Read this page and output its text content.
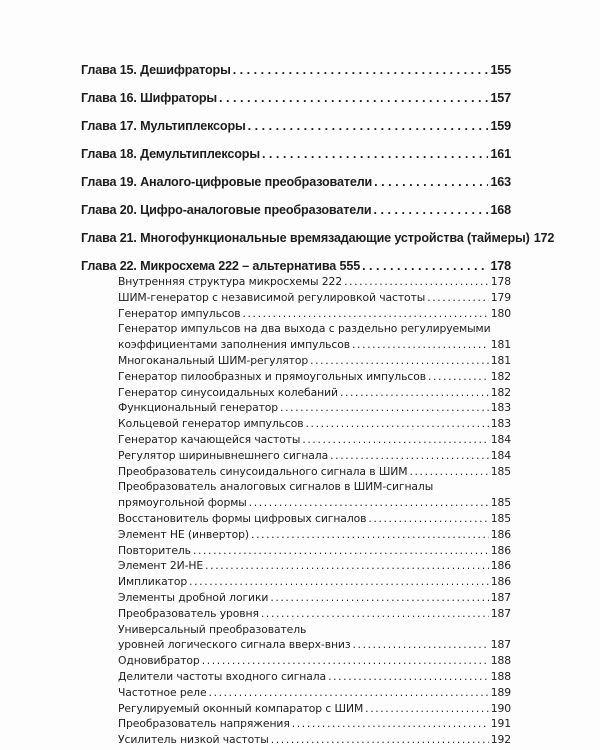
Глава 15. Дешифраторы . . .	155
Глава 16. Шифраторы . . .	157
Глава 17. Мультиплексоры . . .	159
Глава 18. Демультиплексоры . . .	161
Глава 19. Аналого-цифровые преобразователи . . .	163
Глава 20. Цифро-аналоговые преобразователи . . .	168
Глава 21. Многофункциональные времязадающие устройства (таймеры) 172
Глава 22. Микросхема 222 – альтернатива 555 . . .	178
Внутренняя структура микросхемы 222 .....	178
ШИМ-генератор с независимой регулировкой частоты .....	179
Генератор импульсов .....	180
Генератор импульсов на два выхода с раздельно регулируемыми
коэффициентами заполнения импульсов .....	181
Многоканальный ШИМ-регулятор .....	181
Генератор пилообразных и прямоугольных импульсов .....	182
Генератор синусоидальных колебаний .....	182
Функциональный генератор .....	183
Кольцевой генератор импульсов .....	183
Генератор качающейся частоты .....	184
Регулятор ширинывнешнего сигнала .....	184
Преобразователь синусоидального сигнала в ШИМ .....	185
Преобразователь аналоговых сигналов в ШИМ-сигналы
прямоугольной формы .....	185
Восстановитель формы цифровых сигналов .....	185
Элемент НЕ (инвертор) .....	186
Повторитель .....	186
Элемент 2И-НЕ .....	186
Импликатор .....	186
Элементы дробной логики .....	187
Преобразователь уровня .....	187
Универсальный преобразователь
уровней логического сигнала вверх-вниз .....	187
Одновибратор .....	188
Делители частоты входного сигнала .....	188
Частотное реле .....	189
Регулируемый оконный компаратор с ШИМ .....	190
Преобразователь напряжения .....	191
Усилитель низкой частоты .....	192
